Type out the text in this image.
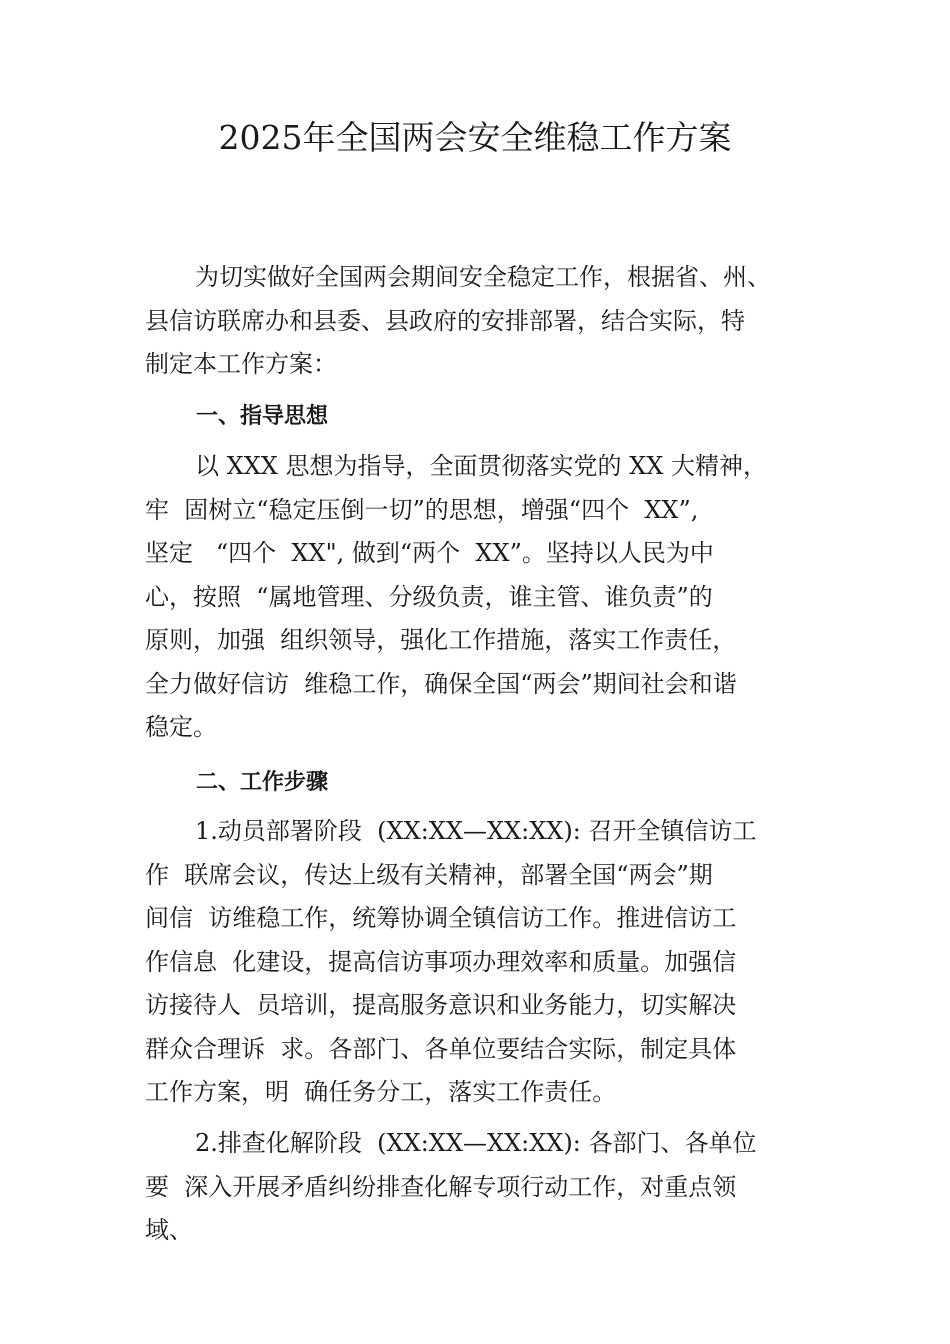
2025年全国两会安全维稳工作方案

为切实做好全国两会期间安全稳定工作，根据省、州、
县信访联席办和县委、县政府的安排部署，结合实际，特
制定本工作方案：

一、指导思想

以 XXX 思想为指导，全面贯彻落实党的 XX 大精神，
牢  固树立“稳定压倒一切”的思想，增强“四个  XX”,
坚定   “四个  XX", 做到“两个  XX”。坚持以人民为中
心，按照  “属地管理、分级负责，谁主管、谁负责”的
原则，加强  组织领导，强化工作措施，落实工作责任，
全力做好信访  维稳工作，确保全国“两会”期间社会和谐
稳定。

二、工作步骤

1.动员部署阶段  (XX:XX—XX:XX): 召开全镇信访工
作  联席会议，传达上级有关精神，部署全国“两会”期
间信  访维稳工作，统筹协调全镇信访工作。推进信访工
作信息  化建设，提高信访事项办理效率和质量。加强信
访接待人  员培训，提高服务意识和业务能力，切实解决
群众合理诉  求。各部门、各单位要结合实际，制定具体
工作方案，明  确任务分工，落实工作责任。

2.排查化解阶段  (XX:XX—XX:XX): 各部门、各单位
要  深入开展矛盾纠纷排查化解专项行动工作，对重点领
域、
